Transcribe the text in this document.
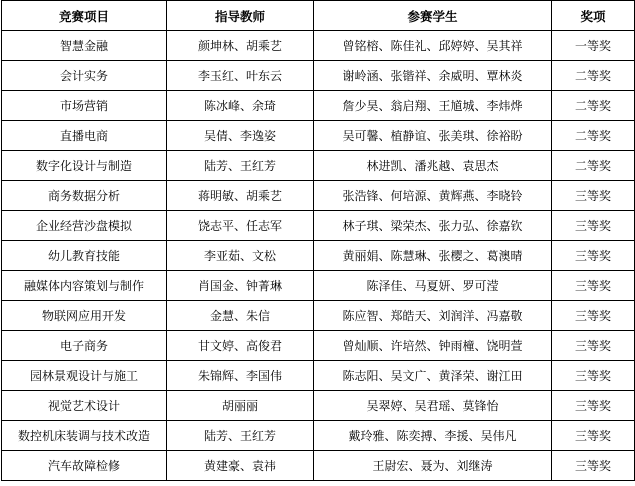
竞赛项目	指导教师	参赛学生	奖项
智慧金融	颜坤林、胡乘艺	曾铭榕、陈佳礼、邱婷婷、吴其祥	一等奖
会计实务	李玉红、叶东云	谢岭涵、张锴祥、余威明、覃林炎	二等奖
市场营销	陈冰峰、余琦	詹少昊、翁启翔、王馗城、李炜烨	二等奖
直播电商	吴倩、李逸姿	吴可馨、植静谊、张美琪、徐裕盼	二等奖
数字化设计与制造	陆芳、王红芳	林进凯、潘兆越、袁思杰	二等奖
商务数据分析	蒋明敏、胡乘艺	张浩锋、何培源、黄辉燕、李晓铃	三等奖
企业经营沙盘模拟	饶志平、任志军	林子琪、梁荣杰、张力弘、徐嘉钦	三等奖
幼儿教育技能	李亚茹、文松	黄丽娟、陈慧琳、张樱之、葛澳晴	三等奖
融媒体内容策划与制作	肖国金、钟菁琳	陈泽佳、马夏妍、罗可滢	三等奖
物联网应用开发	金慧、朱信	陈应智、郑皓天、刘润洋、冯嘉敬	三等奖
电子商务	甘文婷、高俊君	曾灿顺、许培然、钟雨橦、饶明萱	三等奖
园林景观设计与施工	朱锦辉、李国伟	陈志阳、吴文广、黄泽荣、谢江田	三等奖
视觉艺术设计	胡丽丽	吴翠婷、吴君瑶、莫锋怡	三等奖
数控机床装调与技术改造	陆芳、王红芳	戴玲雅、陈奕搏、李援、吴伟凡	三等奖
汽车故障检修	黄建豪、袁祎	王尉宏、聂为、刘继涛	三等奖
